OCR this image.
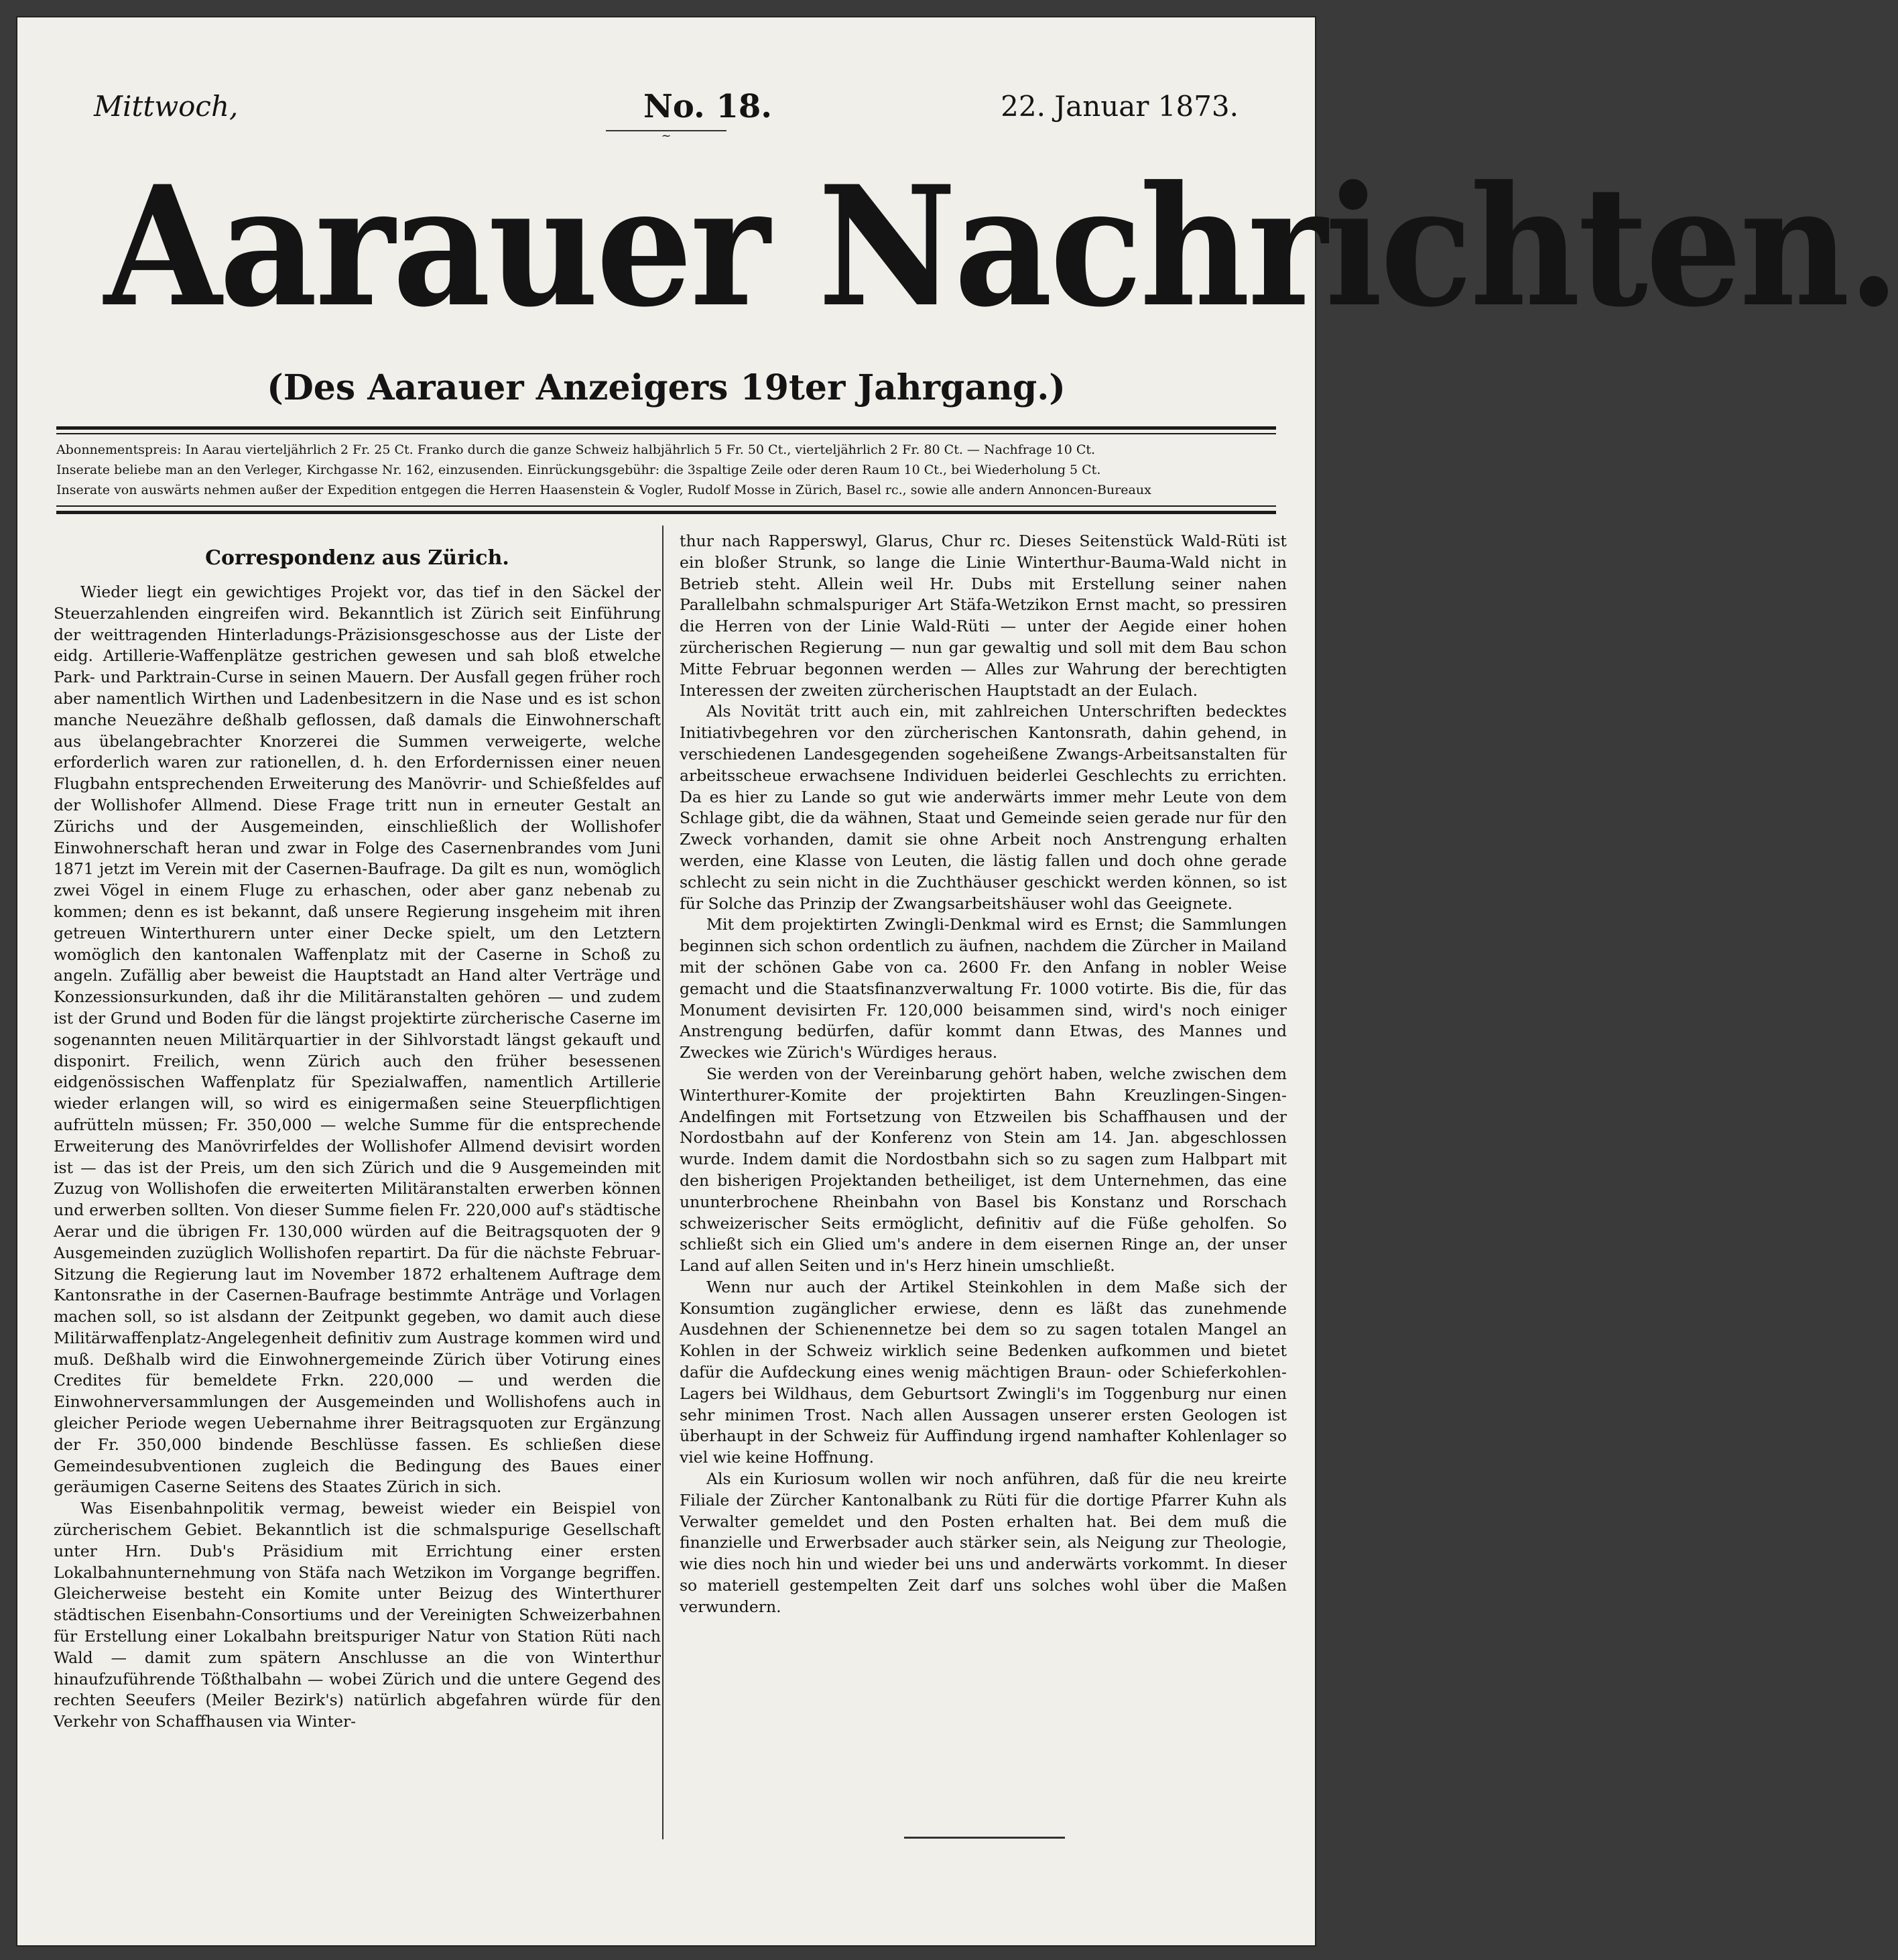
Mittwoch,	No. 18.	22. Januar 1873.
~
Aarauer Nachrichten.
(Des Aarauer Anzeigers 19ter Jahrgang.)
Abonnementspreis: In Aarau vierteljährlich 2 Fr. 25 Ct. Franko durch die ganze Schweiz halbjährlich 5 Fr. 50 Ct., vierteljährlich 2 Fr. 80 Ct. — Nachfrage 10 Ct.
Inserate beliebe man an den Verleger, Kirchgasse Nr. 162, einzusenden. Einrückungsgebühr: die 3spaltige Zeile oder deren Raum 10 Ct., bei Wiederholung 5 Ct.
Inserate von auswärts nehmen außer der Expedition entgegen die Herren Haasenstein & Vogler, Rudolf Mosse in Zürich, Basel rc., sowie alle andern Annoncen-Bureaux
Correspondenz aus Zürich.

Wieder liegt ein gewichtiges Projekt vor, das tief in den Säckel der Steuerzahlenden eingreifen wird. Bekanntlich ist Zürich seit Einführung der weittragenden Hinterladungs-Präzisionsgeschosse aus der Liste der eidg. Artillerie-Waffenplätze gestrichen gewesen und sah bloß etwelche Park- und Parktrain-Curse in seinen Mauern. Der Ausfall gegen früher roch aber namentlich Wirthen und Ladenbesitzern in die Nase und es ist schon manche Neuezähre deßhalb geflossen, daß damals die Einwohnerschaft aus übelangebrachter Knorzerei die Summen verweigerte, welche erforderlich waren zur rationellen, d. h. den Erfordernissen einer neuen Flugbahn entsprechenden Erweiterung des Manövrir- und Schießfeldes auf der Wollishofer Allmend. Diese Frage tritt nun in erneuter Gestalt an Zürichs und der Ausgemeinden, einschließlich der Wollishofer Einwohnerschaft heran und zwar in Folge des Casernenbrandes vom Juni 1871 jetzt im Verein mit der Casernen-Baufrage. Da gilt es nun, womöglich zwei Vögel in einem Fluge zu erhaschen, oder aber ganz nebenab zu kommen; denn es ist bekannt, daß unsere Regierung insgeheim mit ihren getreuen Winterthurern unter einer Decke spielt, um den Letztern womöglich den kantonalen Waffenplatz mit der Caserne in Schoß zu angeln. Zufällig aber beweist die Hauptstadt an Hand alter Verträge und Konzessionsurkunden, daß ihr die Militäranstalten gehören — und zudem ist der Grund und Boden für die längst projektirte zürcherische Caserne im sogenannten neuen Militärquartier in der Sihlvorstadt längst gekauft und disponirt. Freilich, wenn Zürich auch den früher besessenen eidgenössischen Waffenplatz für Spezialwaffen, namentlich Artillerie wieder erlangen will, so wird es einigermaßen seine Steuerpflichtigen aufrütteln müssen; Fr. 350,000 — welche Summe für die entsprechende Erweiterung des Manövrirfeldes der Wollishofer Allmend devisirt worden ist — das ist der Preis, um den sich Zürich und die 9 Ausgemeinden mit Zuzug von Wollishofen die erweiterten Militäranstalten erwerben können und erwerben sollten. Von dieser Summe fielen Fr. 220,000 auf's städtische Aerar und die übrigen Fr. 130,000 würden auf die Beitragsquoten der 9 Ausgemeinden zuzüglich Wollishofen repartirt. Da für die nächste Februar-Sitzung die Regierung laut im November 1872 erhaltenem Auftrage dem Kantonsrathe in der Casernen-Baufrage bestimmte Anträge und Vorlagen machen soll, so ist alsdann der Zeitpunkt gegeben, wo damit auch diese Militärwaffenplatz-Angelegenheit definitiv zum Austrage kommen wird und muß. Deßhalb wird die Einwohnergemeinde Zürich über Votirung eines Credites für bemeldete Frkn. 220,000 — und werden die Einwohnerversammlungen der Ausgemeinden und Wollishofens auch in gleicher Periode wegen Uebernahme ihrer Beitragsquoten zur Ergänzung der Fr. 350,000 bindende Beschlüsse fassen. Es schließen diese Gemeindesubventionen zugleich die Bedingung des Baues einer geräumigen Caserne Seitens des Staates Zürich in sich.

Was Eisenbahnpolitik vermag, beweist wieder ein Beispiel von zürcherischem Gebiet. Bekanntlich ist die schmalspurige Gesellschaft unter Hrn. Dub's Präsidium mit Errichtung einer ersten Lokalbahnunternehmung von Stäfa nach Wetzikon im Vorgange begriffen. Gleicherweise besteht ein Komite unter Beizug des Winterthurer städtischen Eisenbahn-Consortiums und der Vereinigten Schweizerbahnen für Erstellung einer Lokalbahn breitspuriger Natur von Station Rüti nach Wald — damit zum spätern Anschlusse an die von Winterthur hinaufzuführende Tößthalbahn — wobei Zürich und die untere Gegend des rechten Seeufers (Meiler Bezirk's) natürlich abgefahren würde für den Verkehr von Schaffhausen via Winter-

thur nach Rapperswyl, Glarus, Chur rc. Dieses Seitenstück Wald-Rüti ist ein bloßer Strunk, so lange die Linie Winterthur-Bauma-Wald nicht in Betrieb steht. Allein weil Hr. Dubs mit Erstellung seiner nahen Parallelbahn schmalspuriger Art Stäfa-Wetzikon Ernst macht, so pressiren die Herren von der Linie Wald-Rüti — unter der Aegide einer hohen zürcherischen Regierung — nun gar gewaltig und soll mit dem Bau schon Mitte Februar begonnen werden — Alles zur Wahrung der berechtigten Interessen der zweiten zürcherischen Hauptstadt an der Eulach.

Als Novität tritt auch ein, mit zahlreichen Unterschriften bedecktes Initiativbegehren vor den zürcherischen Kantonsrath, dahin gehend, in verschiedenen Landesgegenden sogeheißene Zwangs-Arbeitsanstalten für arbeitsscheue erwachsene Individuen beiderlei Geschlechts zu errichten. Da es hier zu Lande so gut wie anderwärts immer mehr Leute von dem Schlage gibt, die da wähnen, Staat und Gemeinde seien gerade nur für den Zweck vorhanden, damit sie ohne Arbeit noch Anstrengung erhalten werden, eine Klasse von Leuten, die lästig fallen und doch ohne gerade schlecht zu sein nicht in die Zuchthäuser geschickt werden können, so ist für Solche das Prinzip der Zwangsarbeitshäuser wohl das Geeignete.

Mit dem projektirten Zwingli-Denkmal wird es Ernst; die Sammlungen beginnen sich schon ordentlich zu äufnen, nachdem die Zürcher in Mailand mit der schönen Gabe von ca. 2600 Fr. den Anfang in nobler Weise gemacht und die Staatsfinanzverwaltung Fr. 1000 votirte. Bis die, für das Monument devisirten Fr. 120,000 beisammen sind, wird's noch einiger Anstrengung bedürfen, dafür kommt dann Etwas, des Mannes und Zweckes wie Zürich's Würdiges heraus.

Sie werden von der Vereinbarung gehört haben, welche zwischen dem Winterthurer-Komite der projektirten Bahn Kreuzlingen-Singen-Andelfingen mit Fortsetzung von Etzweilen bis Schaffhausen und der Nordostbahn auf der Konferenz von Stein am 14. Jan. abgeschlossen wurde. Indem damit die Nordostbahn sich so zu sagen zum Halbpart mit den bisherigen Projektanden betheiliget, ist dem Unternehmen, das eine ununterbrochene Rheinbahn von Basel bis Konstanz und Rorschach schweizerischer Seits ermöglicht, definitiv auf die Füße geholfen. So schließt sich ein Glied um's andere in dem eisernen Ringe an, der unser Land auf allen Seiten und in's Herz hinein umschließt.

Wenn nur auch der Artikel Steinkohlen in dem Maße sich der Konsumtion zugänglicher erwiese, denn es läßt das zunehmende Ausdehnen der Schienennetze bei dem so zu sagen totalen Mangel an Kohlen in der Schweiz wirklich seine Bedenken aufkommen und bietet dafür die Aufdeckung eines wenig mächtigen Braun- oder Schieferkohlen-Lagers bei Wildhaus, dem Geburtsort Zwingli's im Toggenburg nur einen sehr minimen Trost. Nach allen Aussagen unserer ersten Geologen ist überhaupt in der Schweiz für Auffindung irgend namhafter Kohlenlager so viel wie keine Hoffnung.

Als ein Kuriosum wollen wir noch anführen, daß für die neu kreirte Filiale der Zürcher Kantonalbank zu Rüti für die dortige Pfarrer Kuhn als Verwalter gemeldet und den Posten erhalten hat. Bei dem muß die finanzielle und Erwerbsader auch stärker sein, als Neigung zur Theologie, wie dies noch hin und wieder bei uns und anderwärts vorkommt. In dieser so materiell gestempelten Zeit darf uns solches wohl über die Maßen verwundern.
